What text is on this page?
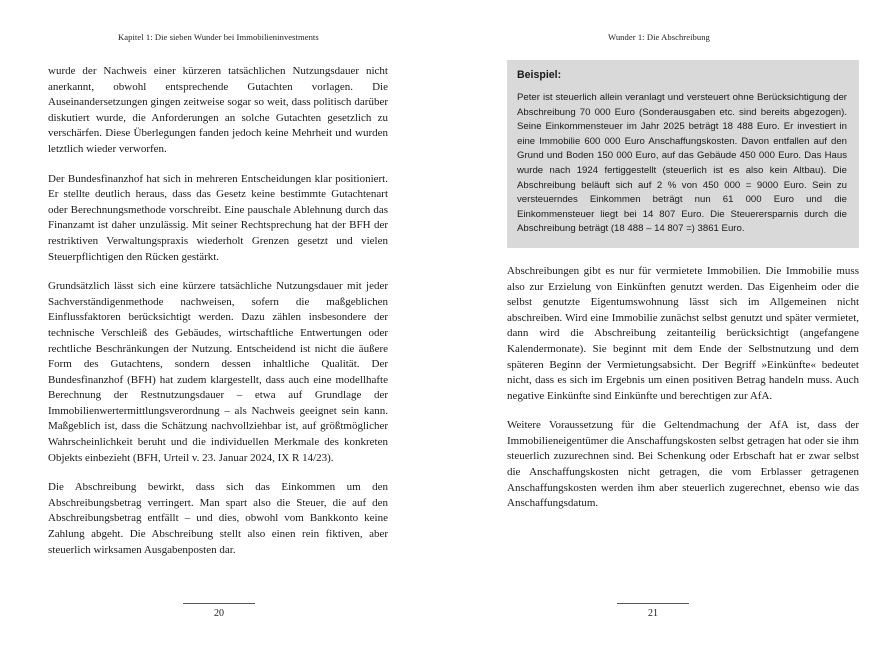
Kapitel 1: Die sieben Wunder bei Immobilieninvestments

wurde der Nachweis einer kürzeren tatsächlichen Nutzungsdauer nicht anerkannt, obwohl entsprechende Gutachten vorlagen. Die Auseinandersetzungen gingen zeitweise sogar so weit, dass politisch darüber diskutiert wurde, die Anforderungen an solche Gutachten gesetzlich zu verschärfen. Diese Überlegungen fanden jedoch keine Mehrheit und wurden letztlich wieder verworfen.

Der Bundesfinanzhof hat sich in mehreren Entscheidungen klar positioniert. Er stellte deutlich heraus, dass das Gesetz keine bestimmte Gutachtenart oder Berechnungsmethode vorschreibt. Eine pauschale Ablehnung durch das Finanzamt ist daher unzulässig. Mit seiner Rechtsprechung hat der BFH der restriktiven Verwaltungspraxis wiederholt Grenzen gesetzt und vielen Steuerpflichtigen den Rücken gestärkt.

Grundsätzlich lässt sich eine kürzere tatsächliche Nutzungsdauer mit jeder Sachverständigenmethode nachweisen, sofern die maßgeblichen Einflussfaktoren berücksichtigt werden. Dazu zählen insbesondere der technische Verschleiß des Gebäudes, wirtschaftliche Entwertungen oder rechtliche Beschränkungen der Nutzung. Entscheidend ist nicht die äußere Form des Gutachtens, sondern dessen inhaltliche Qualität. Der Bundesfinanzhof (BFH) hat zudem klargestellt, dass auch eine modellhafte Berechnung der Restnutzungsdauer – etwa auf Grundlage der Immobilienwertermittlungsverordnung – als Nachweis geeignet sein kann. Maßgeblich ist, dass die Schätzung nachvollziehbar ist, auf größtmöglicher Wahrscheinlichkeit beruht und die individuellen Merkmale des konkreten Objekts einbezieht (BFH, Urteil v. 23. Januar 2024, IX R 14/23).

Die Abschreibung bewirkt, dass sich das Einkommen um den Abschreibungsbetrag verringert. Man spart also die Steuer, die auf den Abschreibungsbetrag entfällt – und dies, obwohl vom Bankkonto keine Zahlung abgeht. Die Abschreibung stellt also einen rein fiktiven, aber steuerlich wirksamen Ausgabenposten dar.

20
Wunder 1: Die Abschreibung

Beispiel:

Peter ist steuerlich allein veranlagt und versteuert ohne Berücksichtigung der Abschreibung 70 000 Euro (Sonderausgaben etc. sind bereits abgezogen). Seine Einkommensteuer im Jahr 2025 beträgt 18 488 Euro. Er investiert in eine Immobilie 600 000 Euro Anschaffungskosten. Davon entfallen auf den Grund und Boden 150 000 Euro, auf das Gebäude 450 000 Euro. Das Haus wurde nach 1924 fertiggestellt (steuerlich ist es also kein Altbau). Die Abschreibung beläuft sich auf 2 % von 450 000 = 9000 Euro. Sein zu versteuerndes Einkommen beträgt nun 61 000 Euro und die Einkommensteuer liegt bei 14 807 Euro. Die Steuerersparnis durch die Abschreibung beträgt (18 488 – 14 807 =) 3861 Euro.

Abschreibungen gibt es nur für vermietete Immobilien. Die Immobilie muss also zur Erzielung von Einkünften genutzt werden. Das Eigenheim oder die selbst genutzte Eigentumswohnung lässt sich im Allgemeinen nicht abschreiben. Wird eine Immobilie zunächst selbst genutzt und später vermietet, dann wird die Abschreibung zeitanteilig berücksichtigt (angefangene Kalendermonate). Sie beginnt mit dem Ende der Selbstnutzung und dem späteren Beginn der Vermietungsabsicht. Der Begriff »Einkünfte« bedeutet nicht, dass es sich im Ergebnis um einen positiven Betrag handeln muss. Auch negative Einkünfte sind Einkünfte und berechtigen zur AfA.

Weitere Voraussetzung für die Geltendmachung der AfA ist, dass der Immobilieneigentümer die Anschaffungskosten selbst getragen hat oder sie ihm steuerlich zuzurechnen sind. Bei Schenkung oder Erbschaft hat er zwar selbst die Anschaffungskosten nicht getragen, die vom Erblasser getragenen Anschaffungskosten werden ihm aber steuerlich zugerechnet, ebenso wie das Anschaffungsdatum.

21
